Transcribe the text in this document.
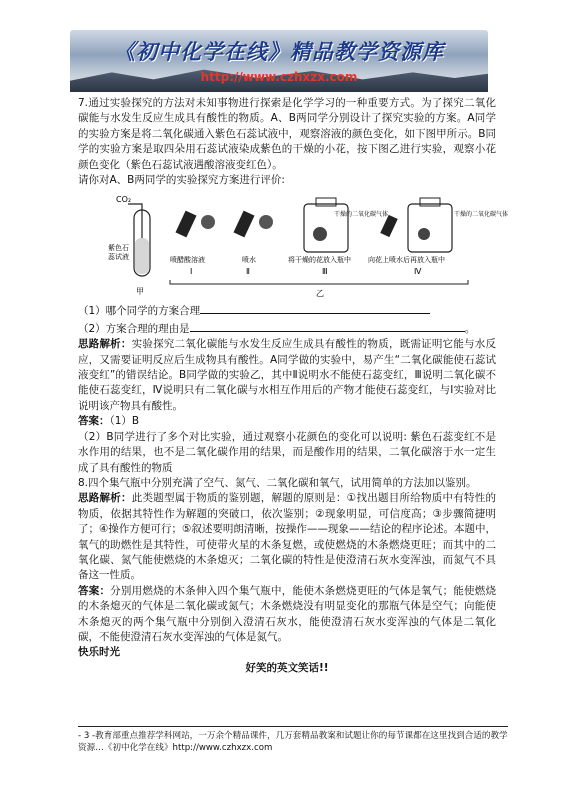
《初中化学在线》精品教学资源库
http://www.czhxzx.com

7.通过实验探究的方法对未知事物进行探索是化学学习的一种重要方式。为了探究二氧化碳能与水发生反应生成具有酸性的物质。A、B两同学分别设计了探究实验的方案。A同学的实验方案是将二氧化碳通入紫色石蕊试液中，观察溶液的颜色变化，如下图甲所示。B同学的实验方案是取四朵用石蕊试液染成紫色的干燥的小花，按下图乙进行实验，观察小花颜色变化（紫色石蕊试液遇酸溶液变红色）。

请你对A、B两同学的实验探究方案进行评价:

CO₂
紫色石
蕊试液
甲
喷醋酸溶液
Ⅰ
喷水
Ⅱ
干燥的二氧化碳气体
将干燥的花放入瓶中
Ⅲ
干燥的二氧化碳气体
向花上喷水后再放入瓶中
Ⅳ
乙

（1）哪个同学的方案合理

（2）方案合理的理由是	。

思路解析：实验探究二氧化碳能与水发生反应生成具有酸性的物质，既需证明它能与水反应，又需要证明反应后生成物具有酸性。A同学做的实验中，易产生“二氧化碳能使石蕊试液变红”的错误结论。B同学做的实验乙，其中Ⅱ说明水不能使石蕊变红，Ⅲ说明二氧化碳不能使石蕊变红，Ⅳ说明只有二氧化碳与水相互作用后的产物才能使石蕊变红，与Ⅰ实验对比说明该产物具有酸性。

答案：（1）B

（2）B同学进行了多个对比实验，通过观察小花颜色的变化可以说明: 紫色石蕊变红不是水作用的结果，也不是二氧化碳作用的结果，而是酸作用的结果，二氧化碳溶于水一定生成了具有酸性的物质

8.四个集气瓶中分别充满了空气、氮气、二氧化碳和氧气，试用简单的方法加以鉴别。

思路解析：此类题型属于物质的鉴别题，解题的原则是：①找出题目所给物质中有特性的物质，依据其特性作为解题的突破口，依次鉴别；②现象明显，可信度高；③步骤简捷明了；④操作方便可行；⑤叙述要明朗清晰，按操作——现象——结论的程序论述。本题中，氧气的助燃性是其特性，可使带火星的木条复燃，或使燃烧的木条燃烧更旺；而其中的二氧化碳、氮气能使燃烧的木条熄灭；二氧化碳的特性是使澄清石灰水变浑浊，而氮气不具备这一性质。

答案：分别用燃烧的木条伸入四个集气瓶中，能使木条燃烧更旺的气体是氧气；能使燃烧的木条熄灭的气体是二氧化碳或氮气；木条燃烧没有明显变化的那瓶气体是空气；向能使木条熄灭的两个集气瓶中分别倒入澄清石灰水，能使澄清石灰水变浑浊的气体是二氧化碳，不能使澄清石灰水变浑浊的气体是氮气。

快乐时光

好笑的英文笑话!!

- 3 -教育部重点推荐学科网站，一万余个精品课件，几万套精品教案和试题让你的每节课都在这里找到合适的教学资源…《初中化学在线》http://www.czhxzx.com
